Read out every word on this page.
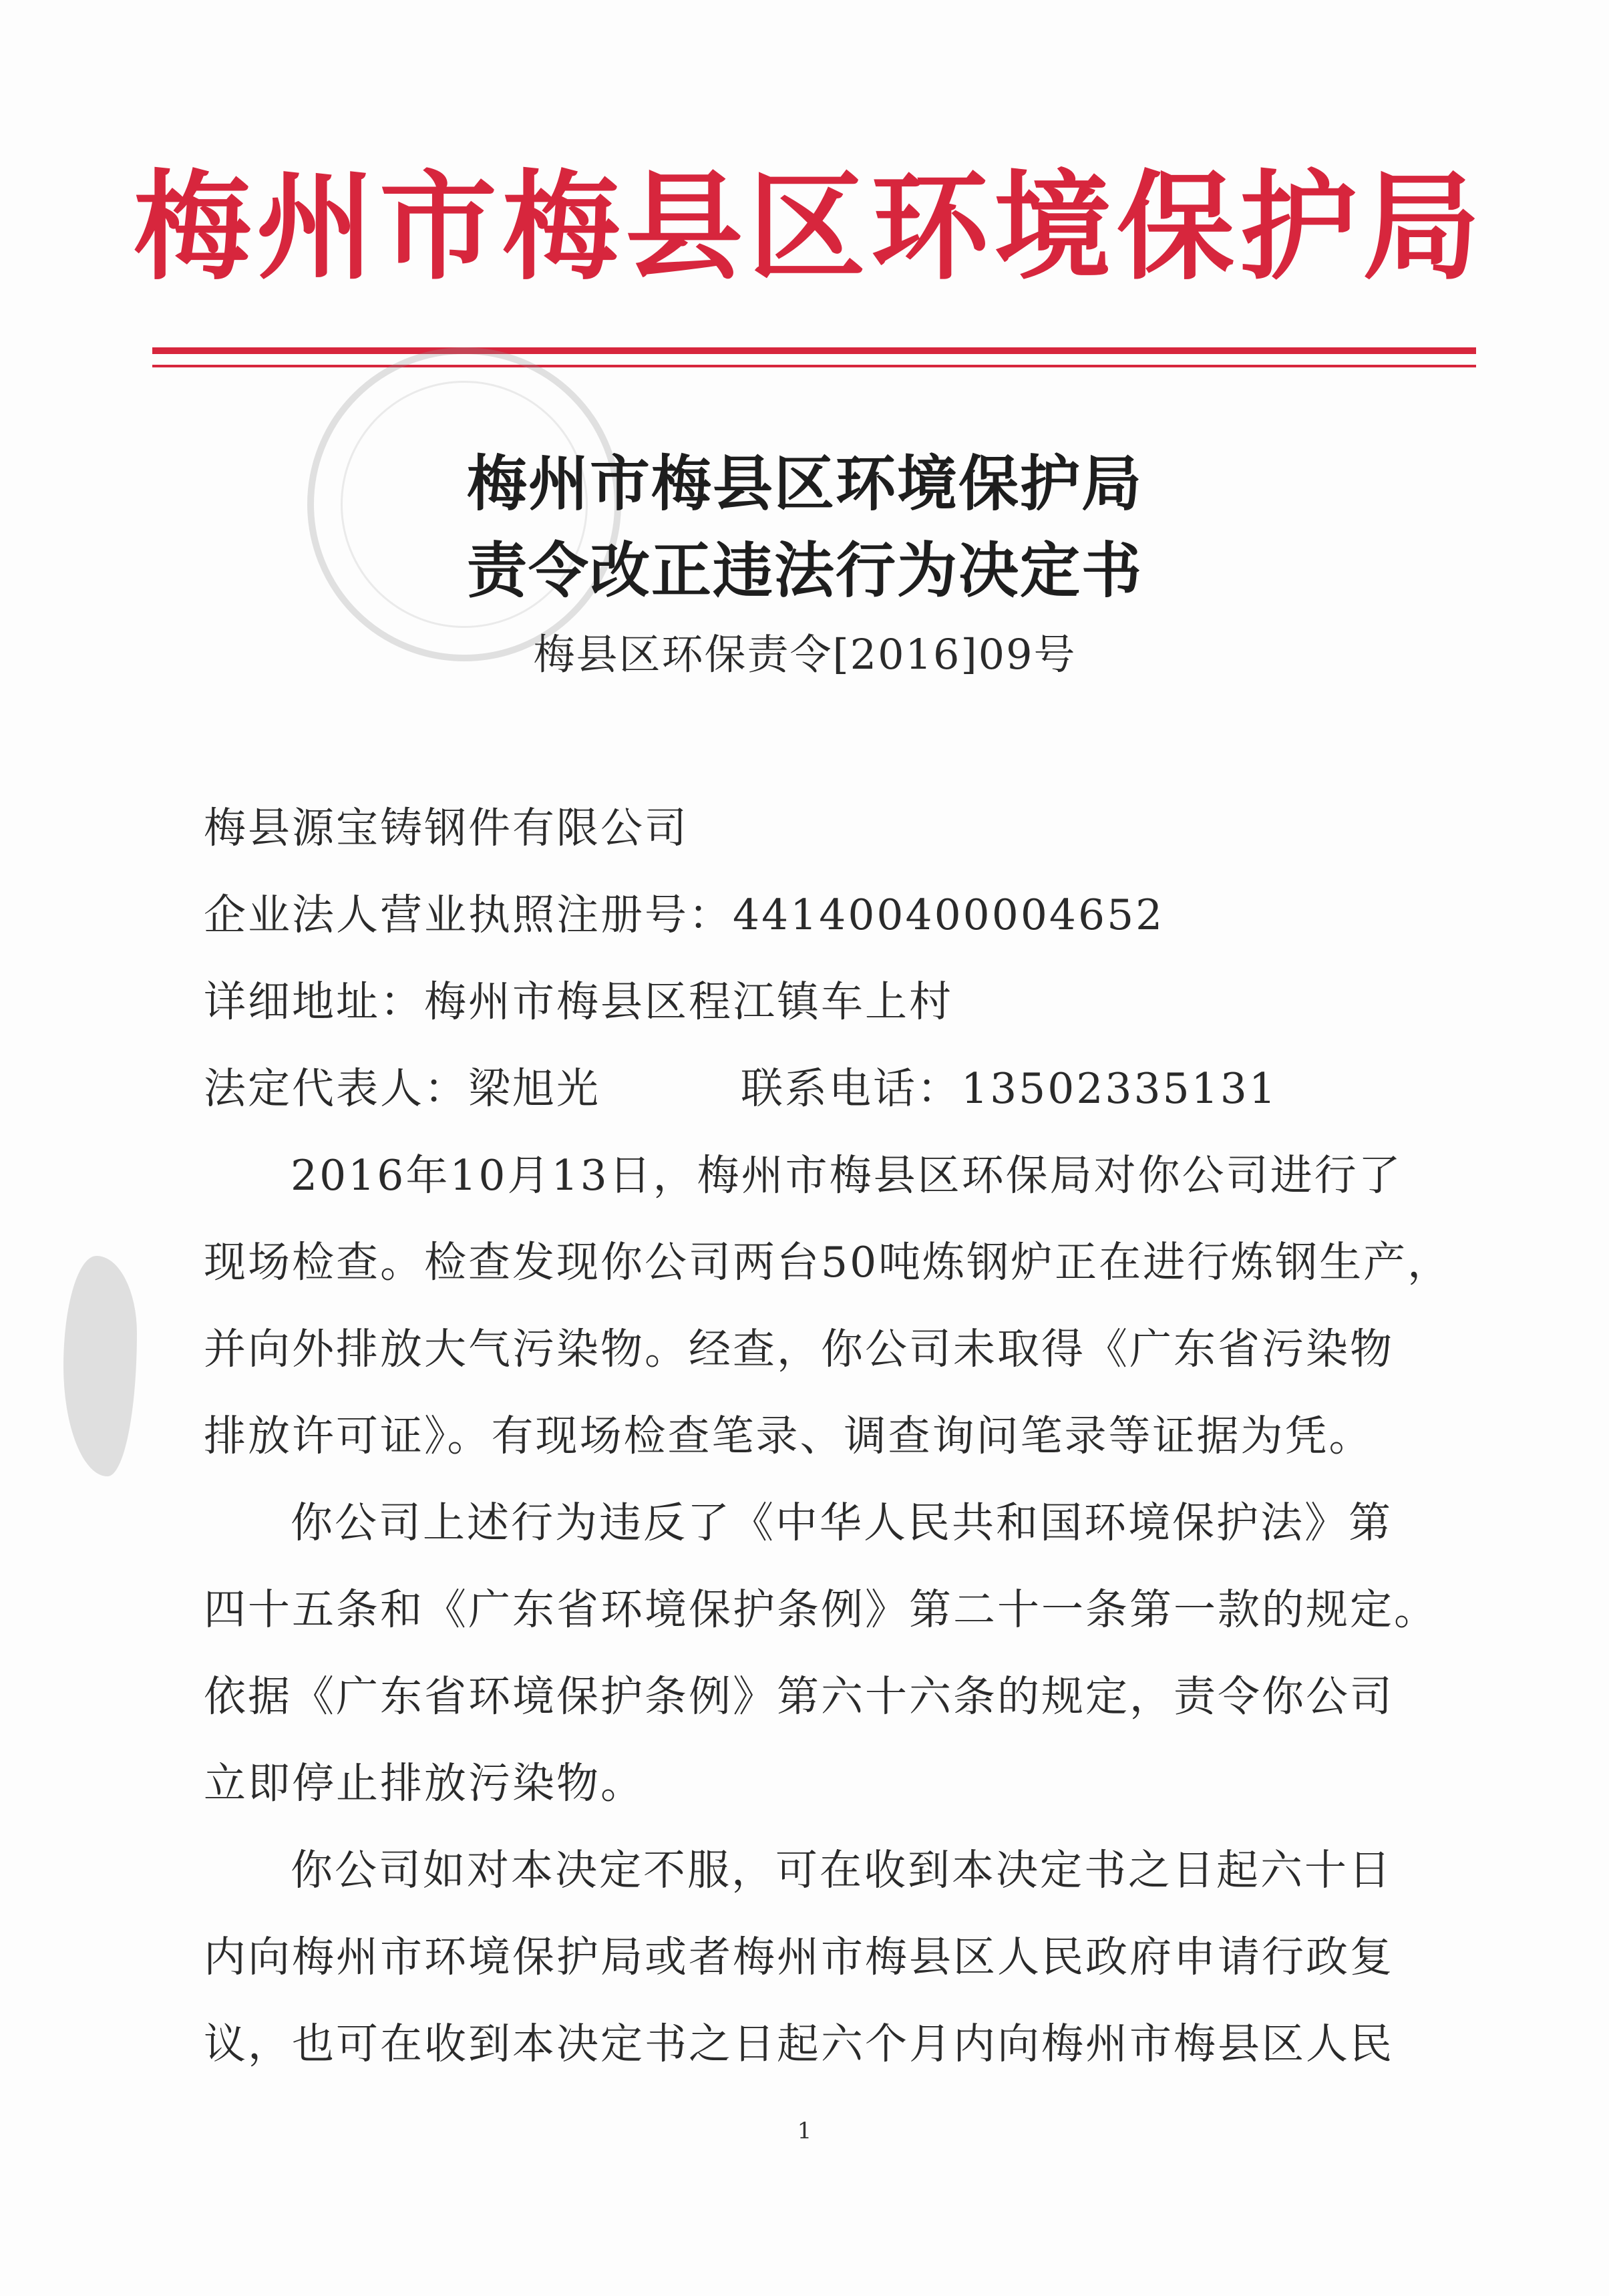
梅州市梅县区环境保护局
梅州市梅县区环境保护局
责令改正违法行为决定书
梅县区环保责令[2016]09号
梅县源宝铸钢件有限公司
企业法人营业执照注册号：441400400004652
详细地址：梅州市梅县区程江镇车上村
法定代表人：梁旭光	联系电话：13502335131
2016年10月13日，梅州市梅县区环保局对你公司进行了
现场检查。检查发现你公司两台50吨炼钢炉正在进行炼钢生产，
并向外排放大气污染物。经查，你公司未取得《广东省污染物
排放许可证》。有现场检查笔录、调查询问笔录等证据为凭。
你公司上述行为违反了《中华人民共和国环境保护法》第
四十五条和《广东省环境保护条例》第二十一条第一款的规定。
依据《广东省环境保护条例》第六十六条的规定，责令你公司
立即停止排放污染物。
你公司如对本决定不服，可在收到本决定书之日起六十日
内向梅州市环境保护局或者梅州市梅县区人民政府申请行政复
议，也可在收到本决定书之日起六个月内向梅州市梅县区人民
1
